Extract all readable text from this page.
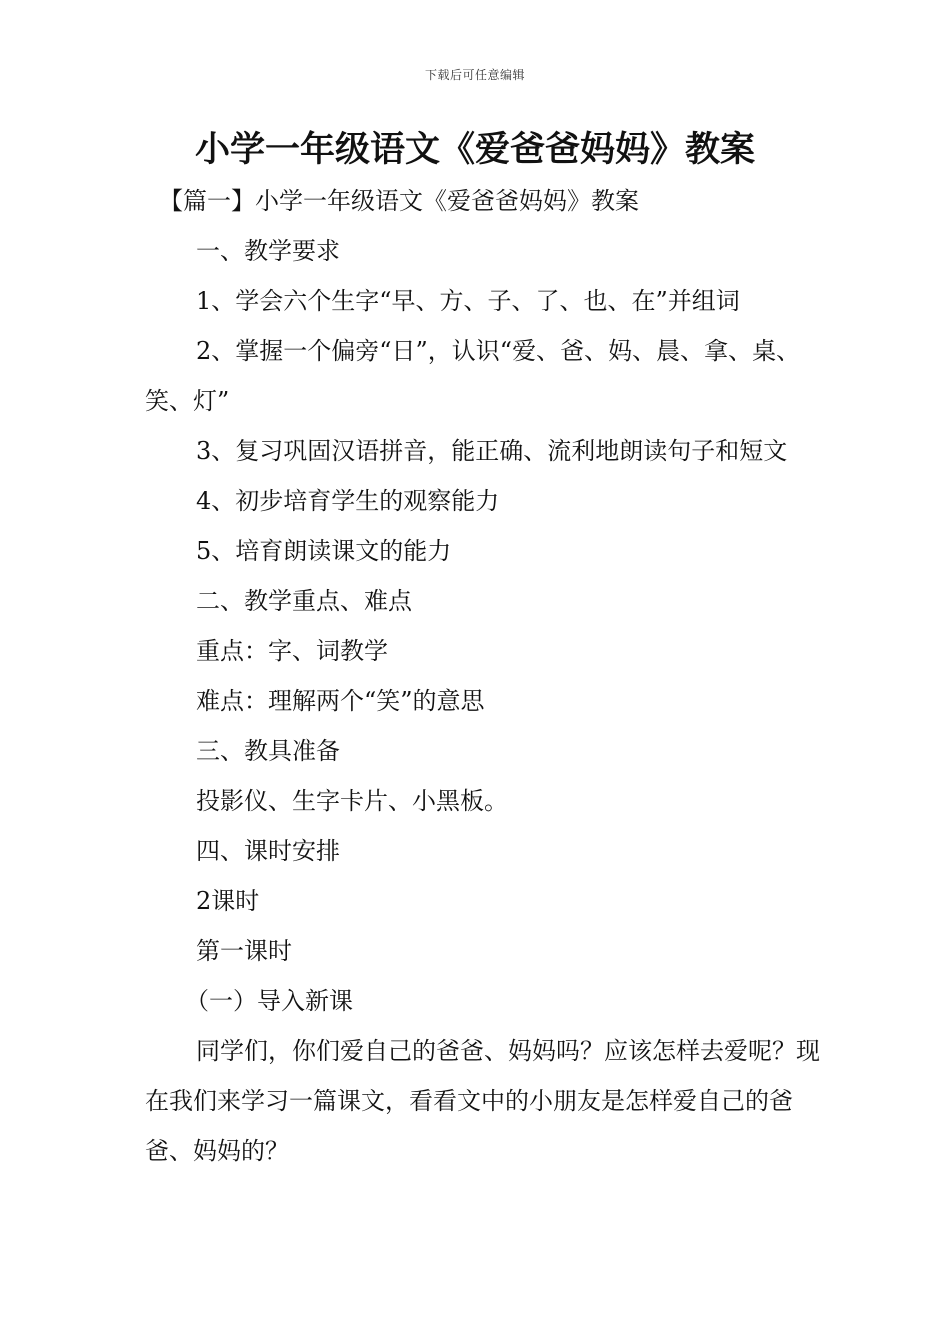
下载后可任意编辑
小学一年级语文《爱爸爸妈妈》教案

【篇一】小学一年级语文《爱爸爸妈妈》教案

一、教学要求

1、学会六个生字“早、方、子、了、也、在”并组词

2、掌握一个偏旁“日”，认识“爱、爸、妈、晨、拿、桌、笑、灯”

3、复习巩固汉语拼音，能正确、流利地朗读句子和短文

4、初步培育学生的观察能力

5、培育朗读课文的能力

二、教学重点、难点

重点：字、词教学

难点：理解两个“笑”的意思

三、教具准备

投影仪、生字卡片、小黑板。

四、课时安排

2课时

第一课时

（一）导入新课

同学们，你们爱自己的爸爸、妈妈吗？应该怎样去爱呢？现在我们来学习一篇课文，看看文中的小朋友是怎样爱自己的爸爸、妈妈的？
